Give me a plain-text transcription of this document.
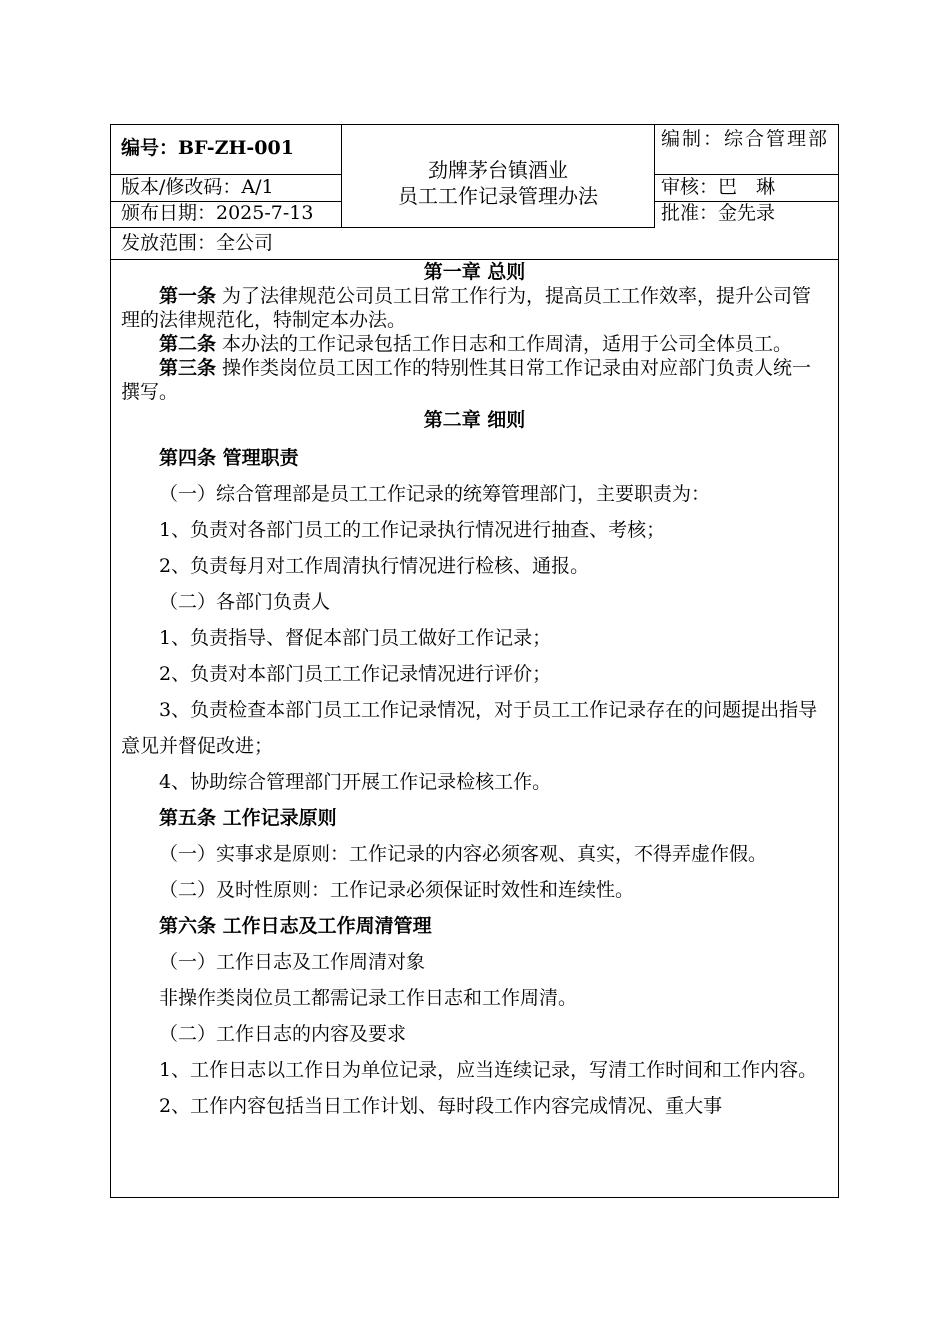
编号：BF-ZH-001
版本/修改码：A/1
颁布日期：2025-7-13
劲牌茅台镇酒业
员工工作记录管理办法
编制：综合管理部
审核：巴　琳
批准：金先录
发放范围：全公司
第一章 总则

第一条 为了法律规范公司员工日常工作行为，提高员工工作效率，提升公司管理的法律规范化，特制定本办法。

第二条 本办法的工作记录包括工作日志和工作周清，适用于公司全体员工。

第三条 操作类岗位员工因工作的特别性其日常工作记录由对应部门负责人统一撰写。

第二章 细则

第四条 管理职责

（一）综合管理部是员工工作记录的统筹管理部门，主要职责为：

1、负责对各部门员工的工作记录执行情况进行抽查、考核；

2、负责每月对工作周清执行情况进行检核、通报。

（二）各部门负责人

1、负责指导、督促本部门员工做好工作记录；

2、负责对本部门员工工作记录情况进行评价；

3、负责检查本部门员工工作记录情况，对于员工工作记录存在的问题提出指导意见并督促改进；

4、协助综合管理部门开展工作记录检核工作。

第五条 工作记录原则

（一）实事求是原则：工作记录的内容必须客观、真实，不得弄虚作假。

（二）及时性原则：工作记录必须保证时效性和连续性。

第六条 工作日志及工作周清管理

（一）工作日志及工作周清对象

非操作类岗位员工都需记录工作日志和工作周清。

（二）工作日志的内容及要求

1、工作日志以工作日为单位记录，应当连续记录，写清工作时间和工作内容。

2、工作内容包括当日工作计划、每时段工作内容完成情况、重大事
